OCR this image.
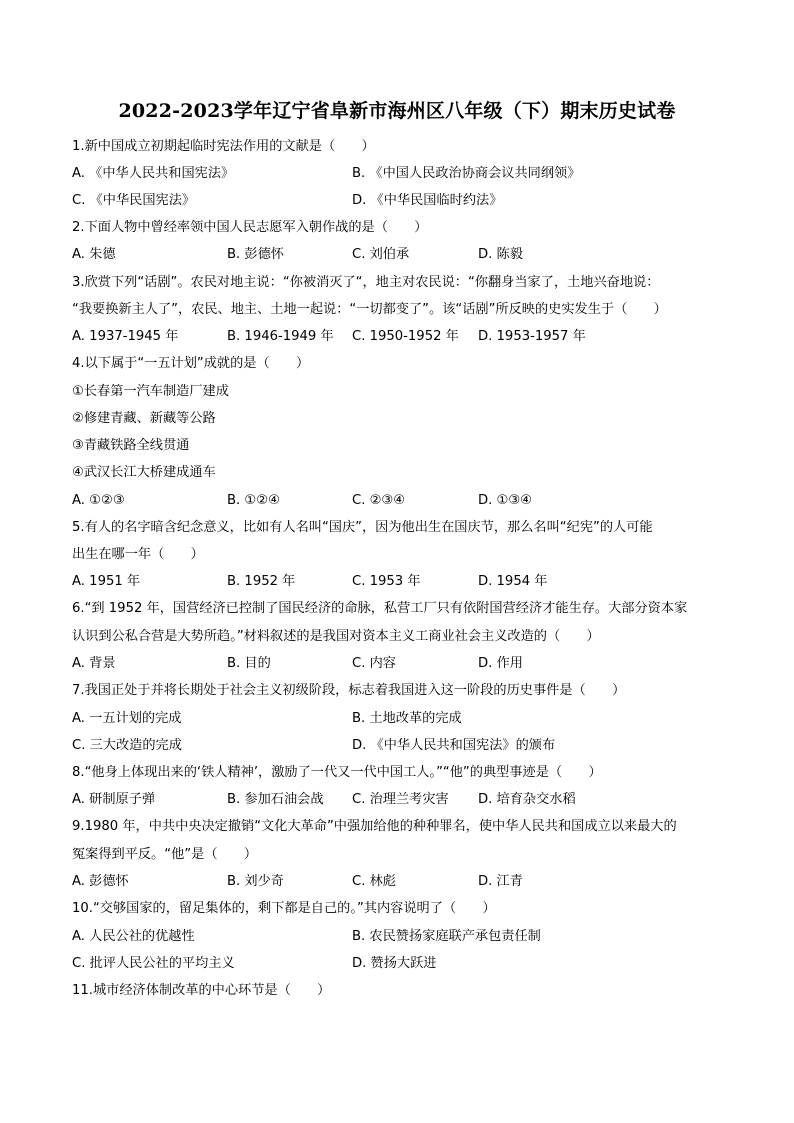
2022-2023学年辽宁省阜新市海州区八年级（下）期末历史试卷
1.新中国成立初期起临时宪法作用的文献是（　　）
A. 《中华人民共和国宪法》	B. 《中国人民政治协商会议共同纲领》
C. 《中华民国宪法》	D. 《中华民国临时约法》
2.下面人物中曾经率领中国人民志愿军入朝作战的是（　　）
A. 朱德	B. 彭德怀	C. 刘伯承	D. 陈毅
3.欣赏下列“话剧”。农民对地主说：“你被消灭了“，地主对农民说：“你翻身当家了，土地兴奋地说：
“我要换新主人了”，农民、地主、土地一起说：“一切都变了”。该“话剧”所反映的史实发生于（　　）
A. 1937-1945 年	B. 1946-1949 年 C. 1950-1952 年 D. 1953-1957 年
4.以下属于“一五计划”成就的是（　　）
①长春第一汽车制造厂建成
②修建青藏、新藏等公路
③青藏铁路全线贯通
④武汉长江大桥建成通车
A. ①②③	B. ①②④	C. ②③④	D. ①③④
5.有人的名字暗含纪念意义，比如有人名叫“国庆”，因为他出生在国庆节，那么名叫“纪宪”的人可能
出生在哪一年（　　）
A. 1951 年	B. 1952 年	C. 1953 年	D. 1954 年
6.“到 1952 年，国营经济已控制了国民经济的命脉，私营工厂只有依附国营经济才能生存。大部分资本家
认识到公私合营是大势所趋。”材料叙述的是我国对资本主义工商业社会主义改造的（　　）
A. 背景	B. 目的	C. 内容	D. 作用
7.我国正处于并将长期处于社会主义初级阶段，标志着我国进入这一阶段的历史事件是（　　）
A. 一五计划的完成	B. 土地改革的完成
C. 三大改造的完成	D. 《中华人民共和国宪法》的颁布
8.“他身上体现出来的‘铁人精神’，激励了一代又一代中国工人。”“他”的典型事迹是（　　）
A. 研制原子弹	B. 参加石油会战 C. 治理兰考灾害 D. 培育杂交水稻
9.1980 年，中共中央决定撤销“文化大革命”中强加给他的种种罪名，使中华人民共和国成立以来最大的
冤案得到平反。“他”是（　　）
A. 彭德怀	B. 刘少奇	C. 林彪	D. 江青
10.“交够国家的，留足集体的，剩下都是自己的。”其内容说明了（　　）
A. 人民公社的优越性	B. 农民赞扬家庭联产承包责任制
C. 批评人民公社的平均主义	D. 赞扬大跃进
11.城市经济体制改革的中心环节是（　　）
